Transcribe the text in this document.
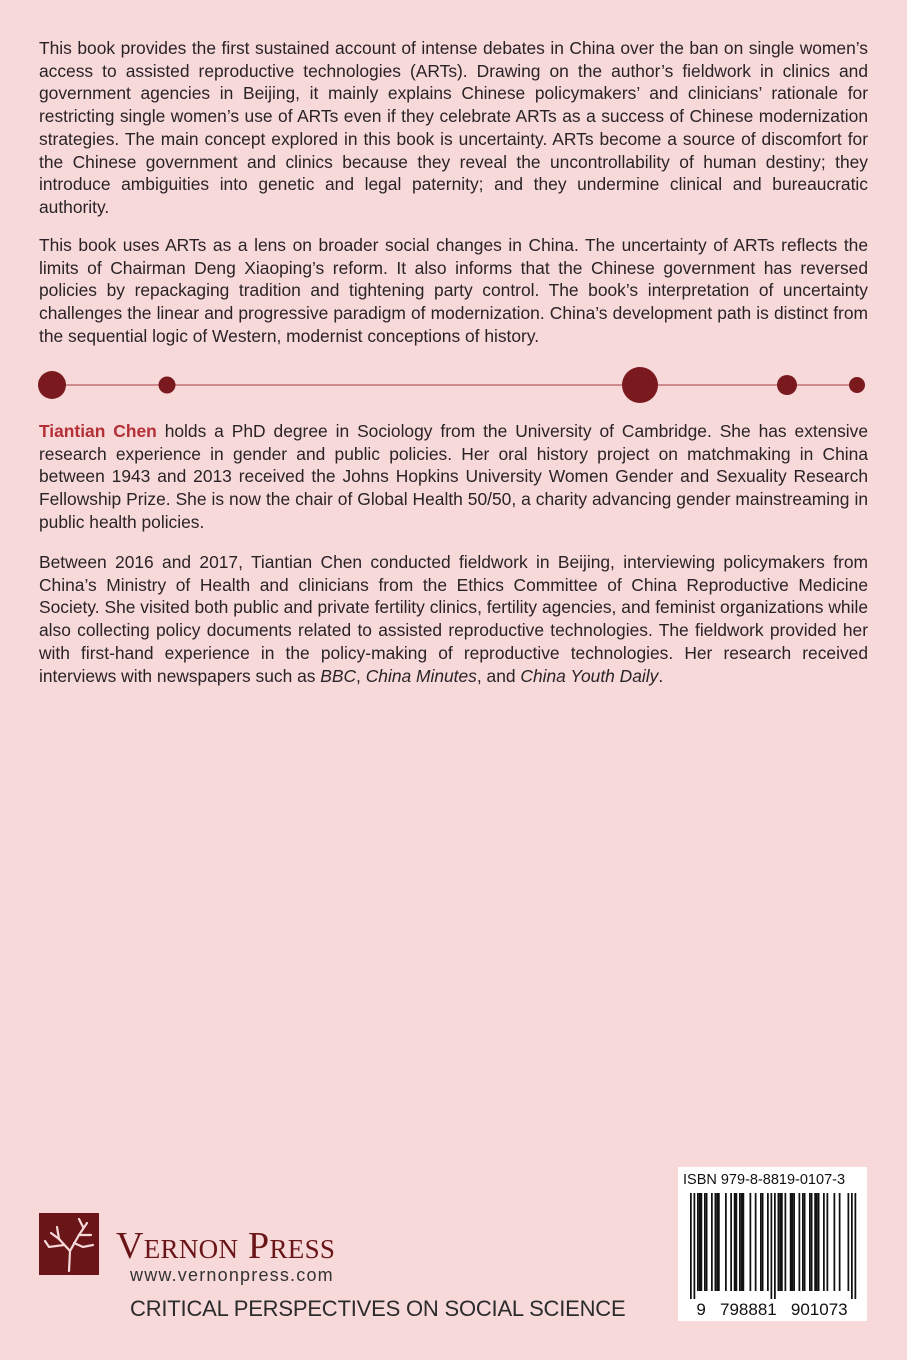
This book provides the first sustained account of intense debates in China over the ban on single women’s access to assisted reproductive technologies (ARTs). Drawing on the author’s fieldwork in clinics and government agencies in Beijing, it mainly explains Chinese policymakers’ and clinicians’ rationale for restricting single women’s use of ARTs even if they celebrate ARTs as a success of Chinese modernization strategies. The main concept explored in this book is uncertainty. ARTs become a source of discomfort for the Chinese government and clinics because they reveal the uncontrollability of human destiny; they introduce ambiguities into genetic and legal paternity; and they undermine clinical and bureaucratic authority.

This book uses ARTs as a lens on broader social changes in China. The uncertainty of ARTs reflects the limits of Chairman Deng Xiaoping’s reform. It also informs that the Chinese government has reversed policies by repackaging tradition and tightening party control. The book’s interpretation of uncertainty challenges the linear and progressive paradigm of modernization. China’s development path is distinct from the sequential logic of Western, modernist conceptions of history.

Tiantian Chen holds a PhD degree in Sociology from the University of Cambridge. She has extensive research experience in gender and public policies. Her oral history project on matchmaking in China between 1943 and 2013 received the Johns Hopkins University Women Gender and Sexuality Research Fellowship Prize. She is now the chair of Global Health 50/50, a charity advancing gender mainstreaming in public health policies.

Between 2016 and 2017, Tiantian Chen conducted fieldwork in Beijing, interviewing policymakers from China’s Ministry of Health and clinicians from the Ethics Committee of China Reproductive Medicine Society. She visited both public and private fertility clinics, fertility agencies, and feminist organizations while also collecting policy documents related to assisted reproductive technologies. The fieldwork provided her with first-hand experience in the policy-making of reproductive technologies. Her research received interviews with newspapers such as BBC, China Minutes, and China Youth Daily.

Vernon Press
www.vernonpress.com
CRITICAL PERSPECTIVES ON SOCIAL SCIENCE
ISBN 979-8-8819-0107-3
9   798881   901073
